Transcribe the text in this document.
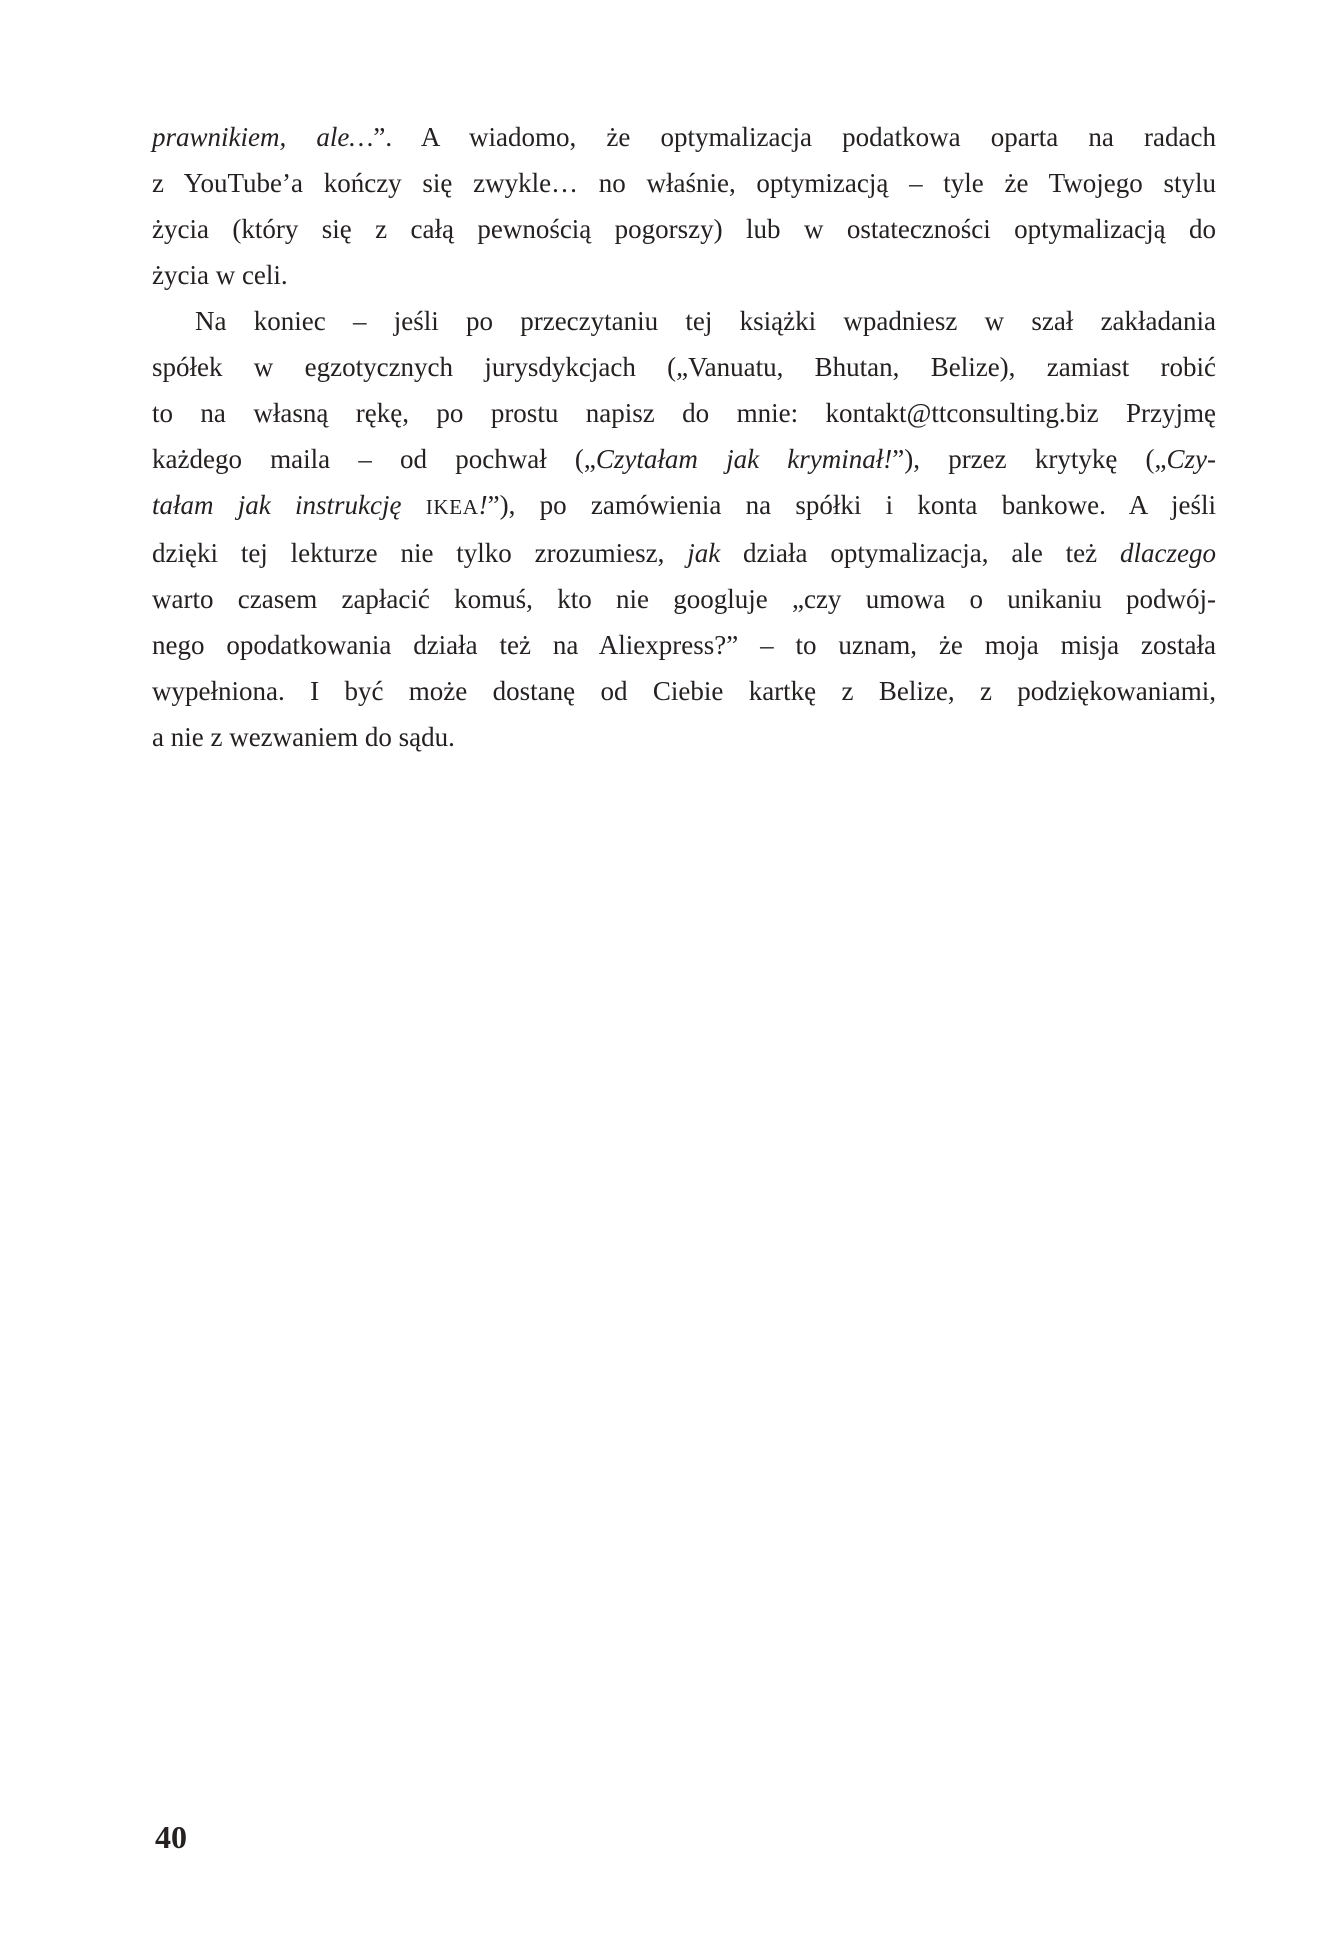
prawnikiem, ale…”. A wiadomo, że optymalizacja podatkowa oparta na radach
z YouTube’a kończy się zwykle… no właśnie, optymizacją – tyle że Twojego stylu
życia (który się z całą pewnością pogorszy) lub w ostateczności optymalizacją do
życia w celi.

Na koniec – jeśli po przeczytaniu tej książki wpadniesz w szał zakładania
spółek w egzotycznych jurysdykcjach („Vanuatu, Bhutan, Belize), zamiast robić
to na własną rękę, po prostu napisz do mnie: kontakt@ttconsulting.biz Przyjmę
każdego maila – od pochwał („Czytałam jak kryminał!”), przez krytykę („Czy-
tałam jak instrukcję IKEA!”), po zamówienia na spółki i konta bankowe. A jeśli
dzięki tej lekturze nie tylko zrozumiesz, jak działa optymalizacja, ale też dlaczego
warto czasem zapłacić komuś, kto nie googluje „czy umowa o unikaniu podwój-
nego opodatkowania działa też na Aliexpress?” – to uznam, że moja misja została
wypełniona. I być może dostanę od Ciebie kartkę z Belize, z podziękowaniami,
a nie z wezwaniem do sądu.

40
